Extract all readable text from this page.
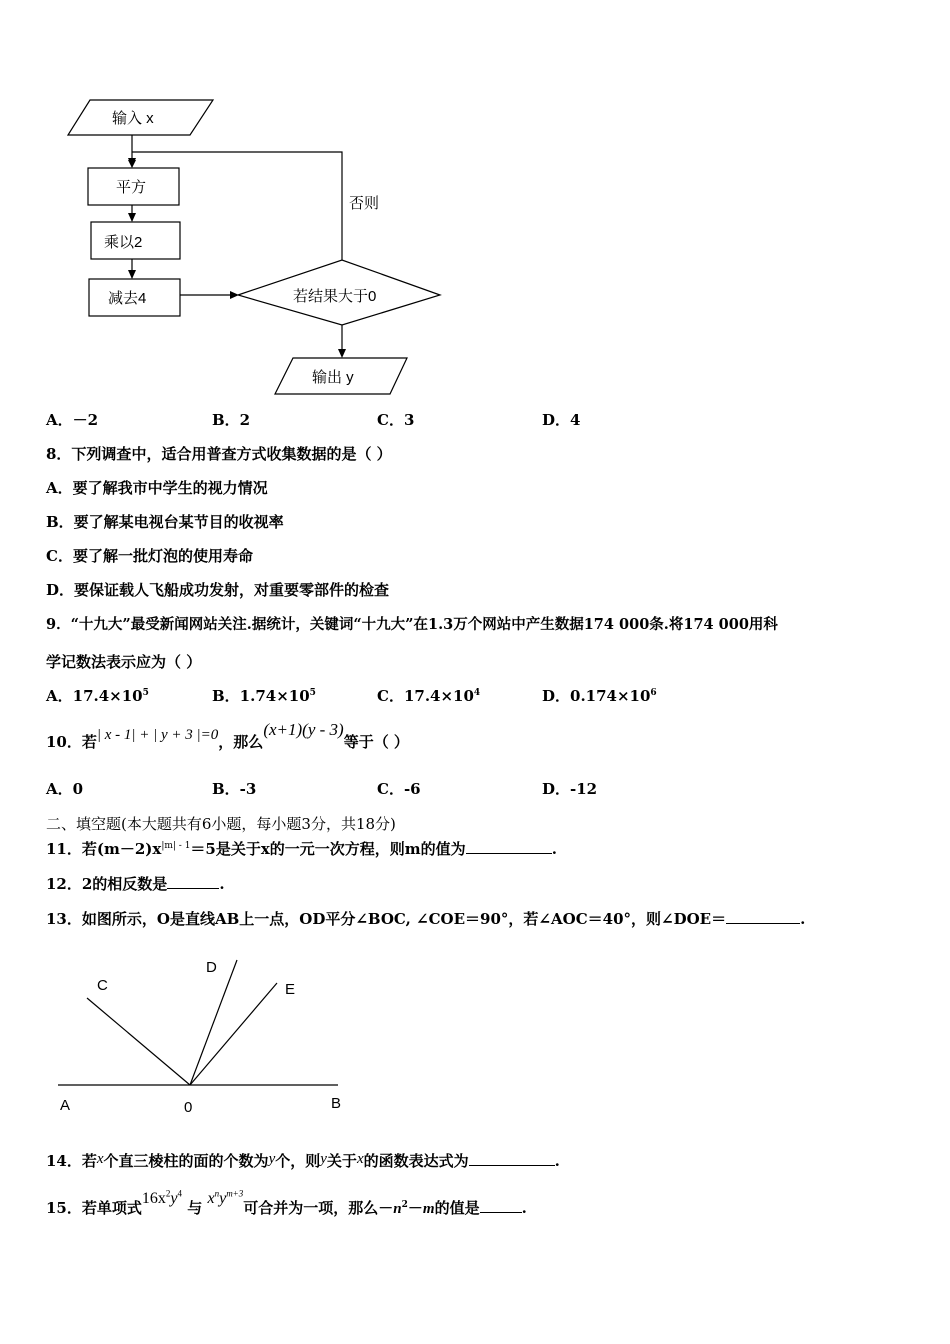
输入 x
平方
乘以2
减去4	若结果大于0
否则
输出 y
A．－2	B．2	C．3	D．4
8．下列调查中，适合用普查方式收集数据的是（ ）
A．要了解我市中学生的视力情况
B．要了解某电视台某节目的收视率
C．要了解一批灯泡的使用寿命
D．要保证载人飞船成功发射，对重要零部件的检查
9．“十九大”最受新闻网站关注.据统计，关键词“十九大”在1.3万个网站中产生数据174 000条.将174 000用科
学记数法表示应为（ ）
A．$17.4\times 10^5$	B．$1.74\times 10^5$	C．$17.4\times 10^4$	D．$0.174\times 10^6$
10．若| x - 1| + | y + 3 |=0，那么(x+1)(y - 3)等于（ ）
A．0	B．-3	C．-6	D．-12
二、填空题(本大题共有6小题，每小题3分，共18分)
11．若$(m-2)x^{|m| - 1}=5$是关于x的一元一次方程，则m的值为	.
12．2的相反数是	.
13．如图所示，O是直线AB上一点，OD平分∠BOC, ∠COE＝90°，若∠AOC＝40°，则∠DOE＝	.
A	0	B
C
D
E
14．若x个直三棱柱的面的个数为y个，则y关于x的函数表达式为	.
15．若单项式$16x^2y^4$ 与 $x^ny^{m+3}$可合并为一项，那么$-n^2-m$的值是	.
